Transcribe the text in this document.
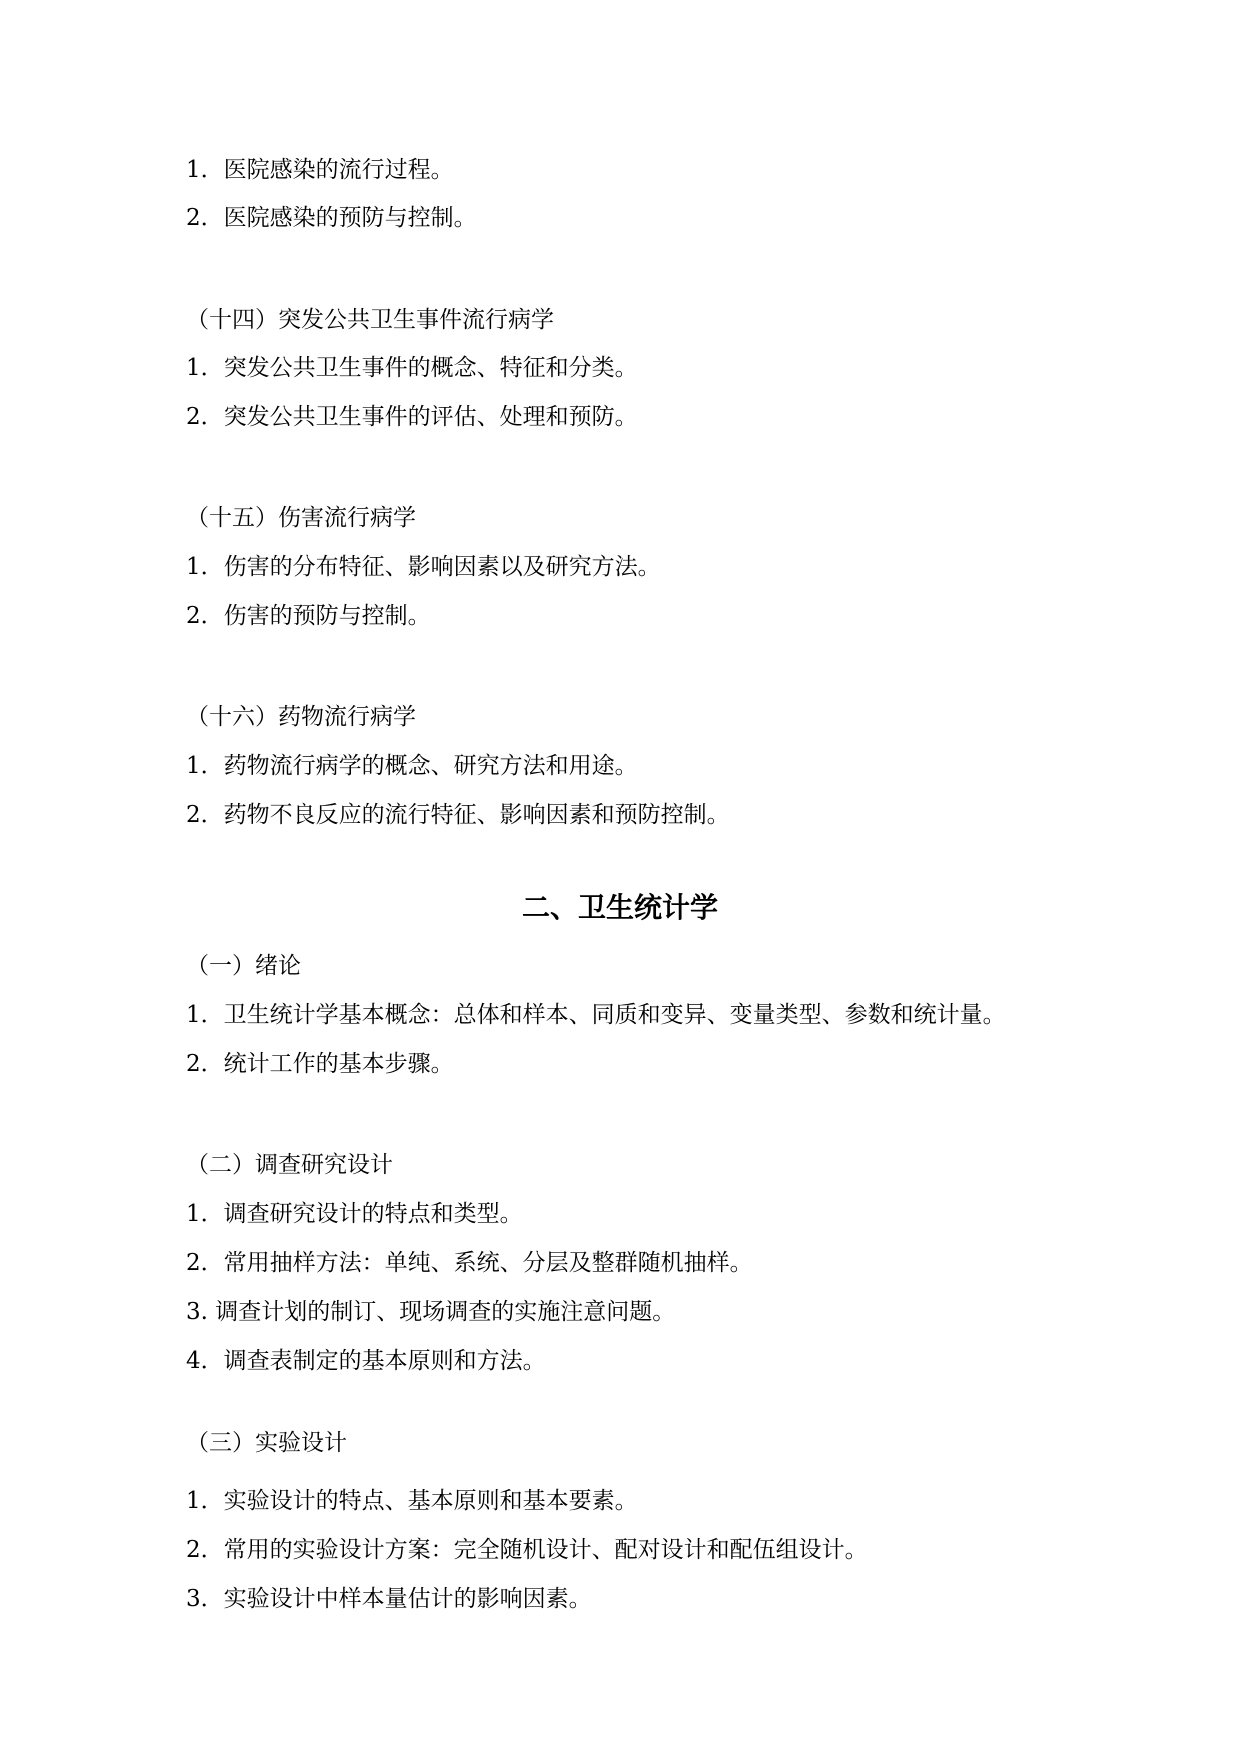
1．医院感染的流行过程。
2．医院感染的预防与控制。
（十四）突发公共卫生事件流行病学
1．突发公共卫生事件的概念、特征和分类。
2．突发公共卫生事件的评估、处理和预防。
（十五）伤害流行病学
1．伤害的分布特征、影响因素以及研究方法。
2．伤害的预防与控制。
（十六）药物流行病学
1．药物流行病学的概念、研究方法和用途。
2．药物不良反应的流行特征、影响因素和预防控制。
二、卫生统计学
（一）绪论
1．卫生统计学基本概念：总体和样本、同质和变异、变量类型、参数和统计量。
2．统计工作的基本步骤。
（二）调查研究设计
1．调查研究设计的特点和类型。
2．常用抽样方法：单纯、系统、分层及整群随机抽样。
3. 调查计划的制订、现场调查的实施注意问题。
4．调查表制定的基本原则和方法。
（三）实验设计
1．实验设计的特点、基本原则和基本要素。
2．常用的实验设计方案：完全随机设计、配对设计和配伍组设计。
3．实验设计中样本量估计的影响因素。
